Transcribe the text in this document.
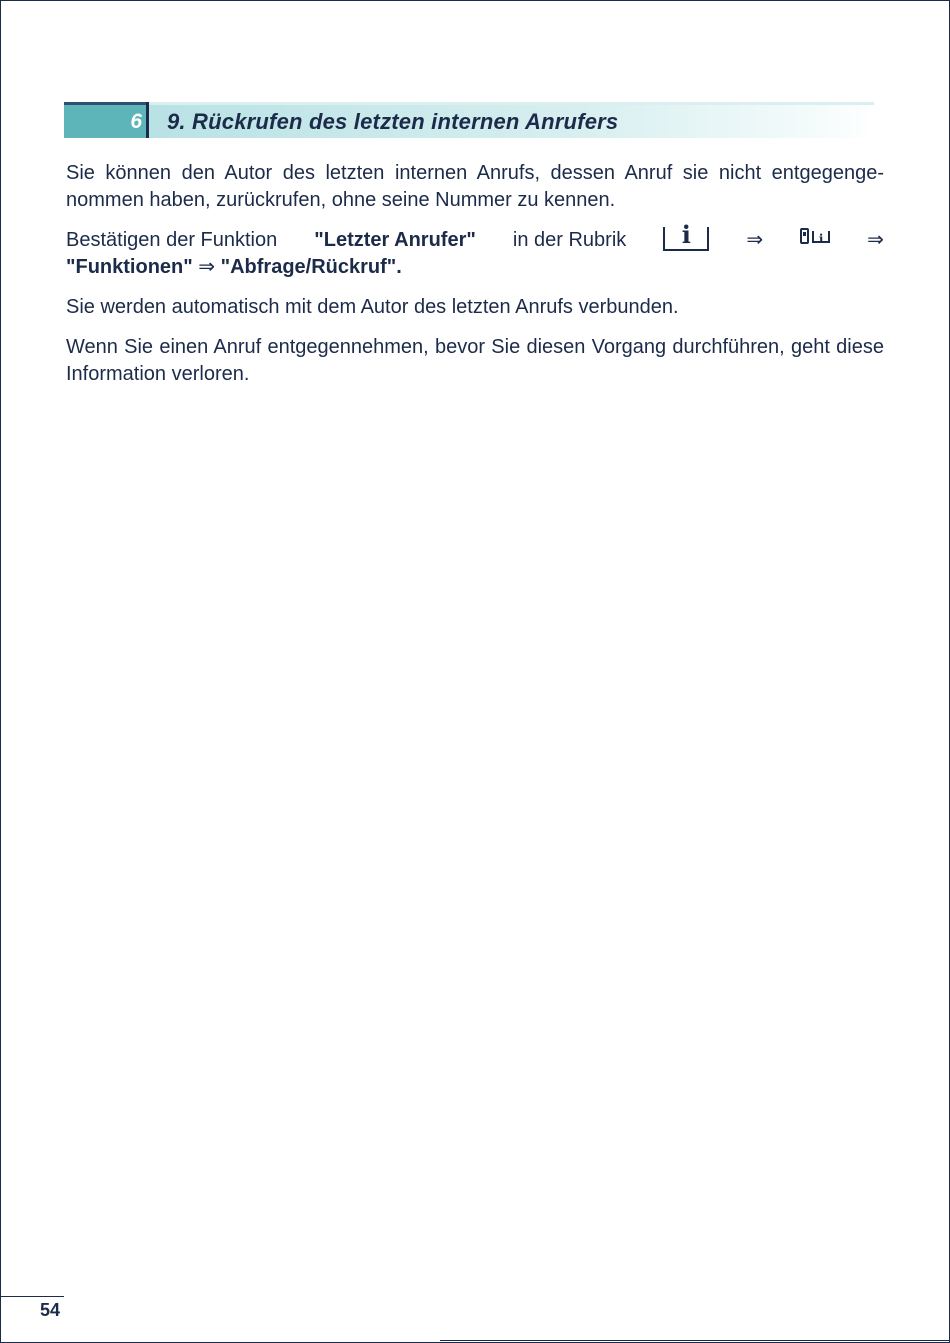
6 9. Rückrufen des letzten internen Anrufers

Sie können den Autor des letzten internen Anrufs, dessen Anruf sie nicht entgegenge-nommen haben, zurückrufen, ohne seine Nummer zu kennen.

Bestätigen der Funktion "Letzter Anrufer" in der Rubrik	i	⇒	i ⇒
"Funktionen" ⇒ "Abfrage/Rückruf".

Sie werden automatisch mit dem Autor des letzten Anrufs verbunden.

Wenn Sie einen Anruf entgegennehmen, bevor Sie diesen Vorgang durchführen, geht diese Information verloren.

54
